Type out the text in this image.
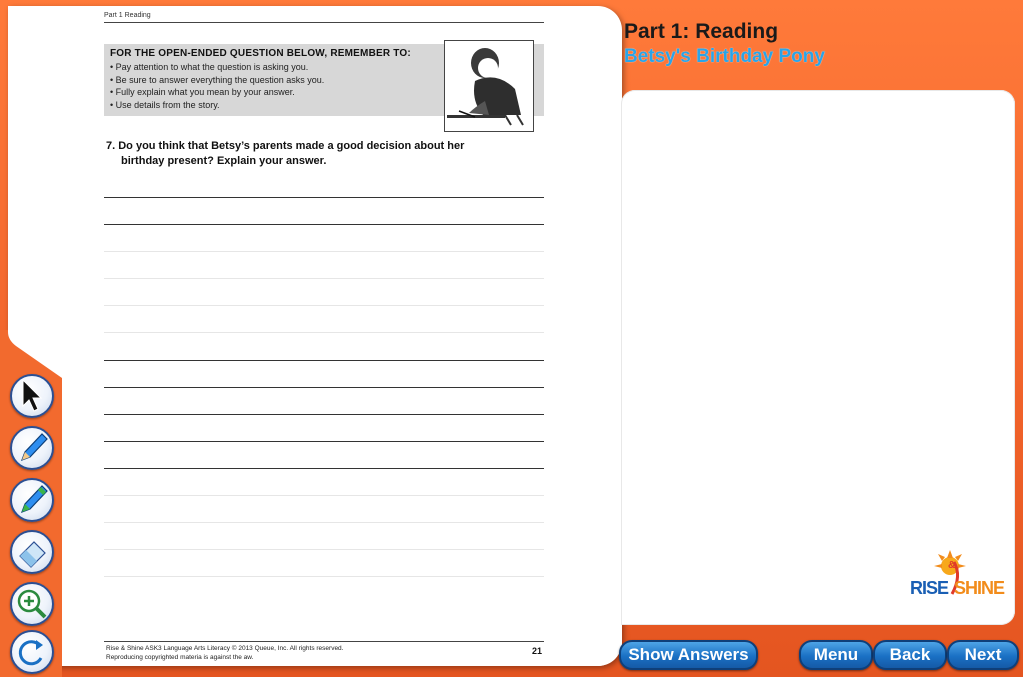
Part 1 Reading
FOR THE OPEN-ENDED QUESTION BELOW, REMEMBER TO:
• Pay attention to what the question is asking you.
• Be sure to answer everything the question asks you.
• Fully explain what you mean by your answer.
• Use details from the story.
7. Do you think that Betsy’s parents made a good decision about her
birthday present? Explain your answer.
Rise & Shine ASK3 Language Arts Literacy © 2013 Queue, Inc. All rights reserved.
Reproducing copyrighted materia is against the aw.
21
Part 1: Reading
Betsy's Birthday Pony
RISE
&
SHINE
Show Answers	Menu	Back	Next
